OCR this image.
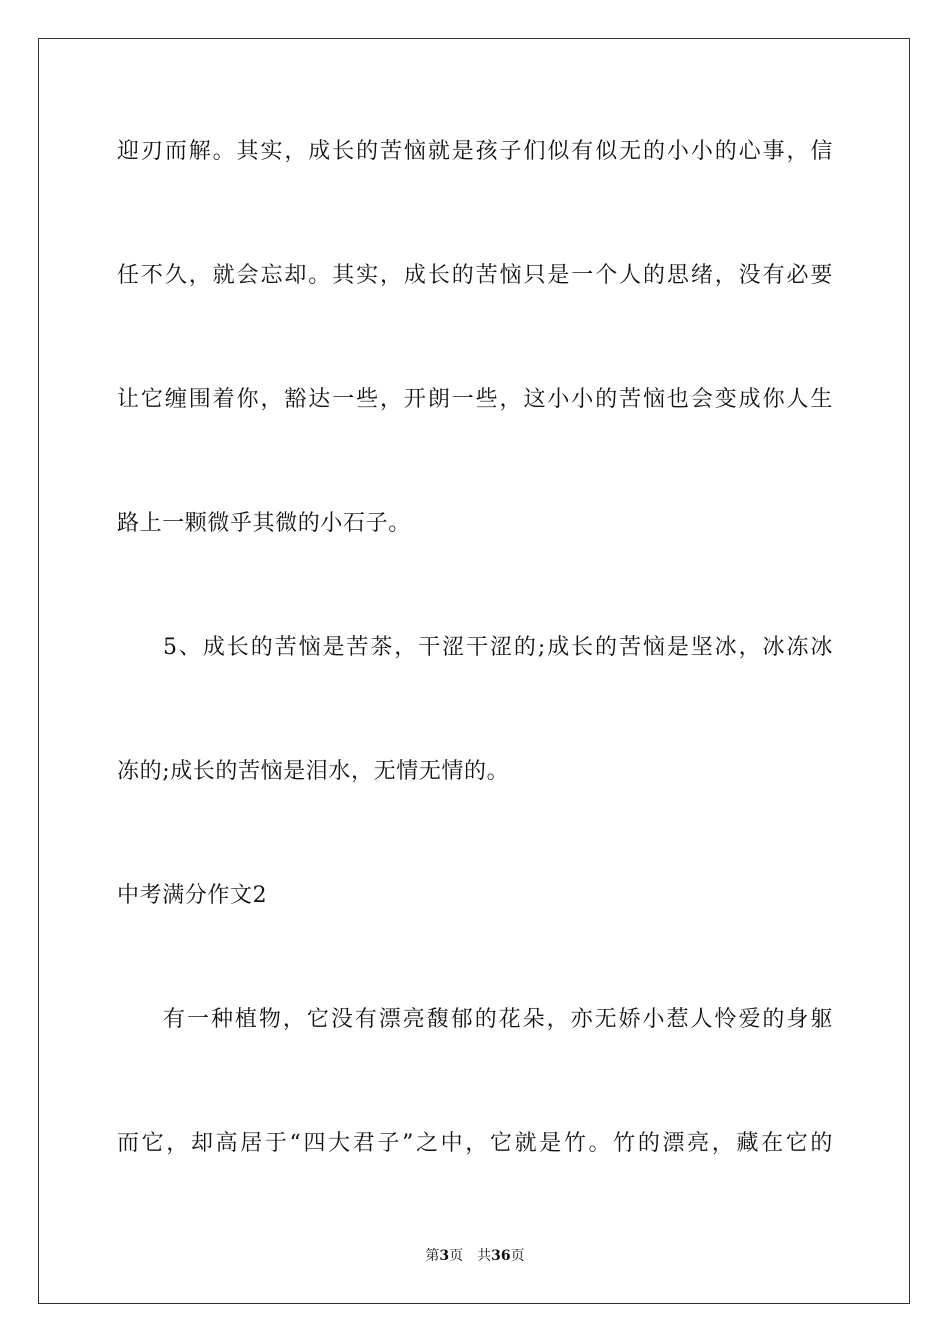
迎刃而解。其实，成长的苦恼就是孩子们似有似无的小小的心事，信
任不久，就会忘却。其实，成长的苦恼只是一个人的思绪，没有必要
让它缠围着你，豁达一些，开朗一些，这小小的苦恼也会变成你人生
路上一颗微乎其微的小石子。
5、成长的苦恼是苦茶，干涩干涩的;成长的苦恼是坚冰，冰冻冰
冻的;成长的苦恼是泪水，无情无情的。
中考满分作文2
有一种植物，它没有漂亮馥郁的花朵，亦无娇小惹人怜爱的身躯
而它，却高居于“四大君子”之中，它就是竹。竹的漂亮，藏在它的
第3页 共36页
